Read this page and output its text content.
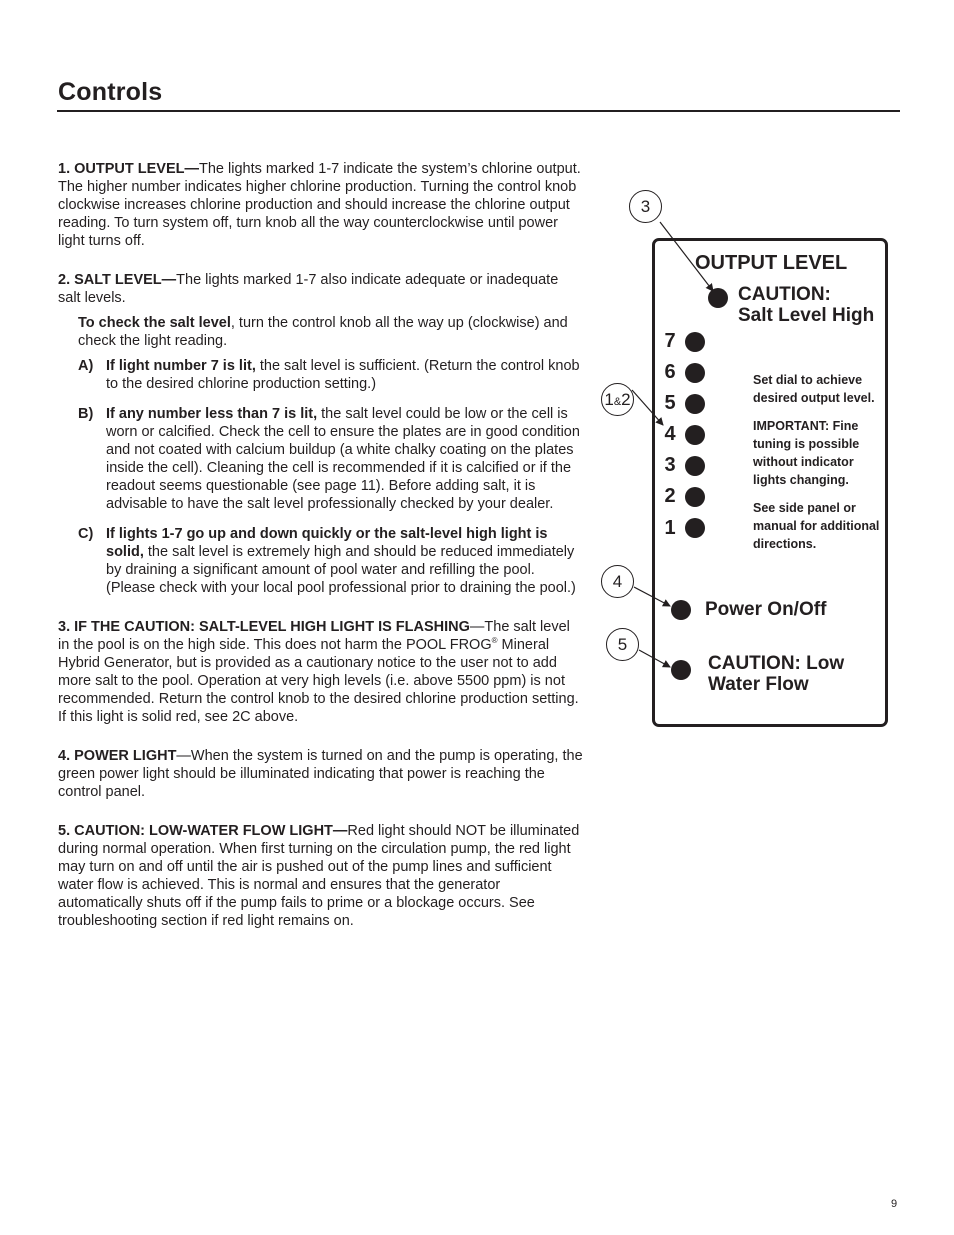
Controls

1. OUTPUT LEVEL—The lights marked 1-7 indicate the system’s chlorine output. The higher number indicates higher chlorine production. Turning the control knob clockwise increases chlorine production and should increase the chlorine output reading. To turn system off, turn knob all the way counterclockwise until power light turns off.

2. SALT LEVEL—The lights marked 1-7 also indicate adequate or inadequate salt levels.

To check the salt level, turn the control knob all the way up (clockwise) and check the light reading.

A) If light number 7 is lit, the salt level is sufficient. (Return the control knob to the desired chlorine production setting.)
B) If any number less than 7 is lit, the salt level could be low or the cell is worn or calcified. Check the cell to ensure the plates are in good condition and not coated with calcium buildup (a white chalky coating on the plates inside the cell). Cleaning the cell is recommended if it is calcified or if the readout seems questionable (see page 11). Before adding salt, it is advisable to have the salt level professionally checked by your dealer.
C) If lights 1-7 go up and down quickly or the salt-level high light is solid, the salt level is extremely high and should be reduced immediately by draining a significant amount of pool water and refilling the pool. (Please check with your local pool professional prior to draining the pool.)

3. IF THE CAUTION: SALT-LEVEL HIGH LIGHT IS FLASHING—The salt level in the pool is on the high side. This does not harm the POOL FROG® Mineral Hybrid Generator, but is provided as a cautionary notice to the user not to add more salt to the pool. Operation at very high levels (i.e. above 5500 ppm) is not recommended. Return the control knob to the desired chlorine production setting. If this light is solid red, see 2C above.

4. POWER LIGHT—When the system is turned on and the pump is operating, the green power light should be illuminated indicating that power is reaching the control panel.

5. CAUTION: LOW-WATER FLOW LIGHT—Red light should NOT be illuminated during normal operation. When first turning on the circulation pump, the red light may turn on and off until the air is pushed out of the pump lines and sufficient water flow is achieved. This is normal and ensures that the generator automatically shuts off if the pump fails to prime or a blockage occurs. See troubleshooting section if red light remains on.

OUTPUT LEVEL
CAUTION:
Salt Level High
7
6
5
4
3
2
1

Set dial to achieve desired output level.

IMPORTANT: Fine tuning is possible without indicator lights changing.

See side panel or manual for additional directions.

Power On/Off
CAUTION: Low
Water Flow
3
1&2
4
5
9
